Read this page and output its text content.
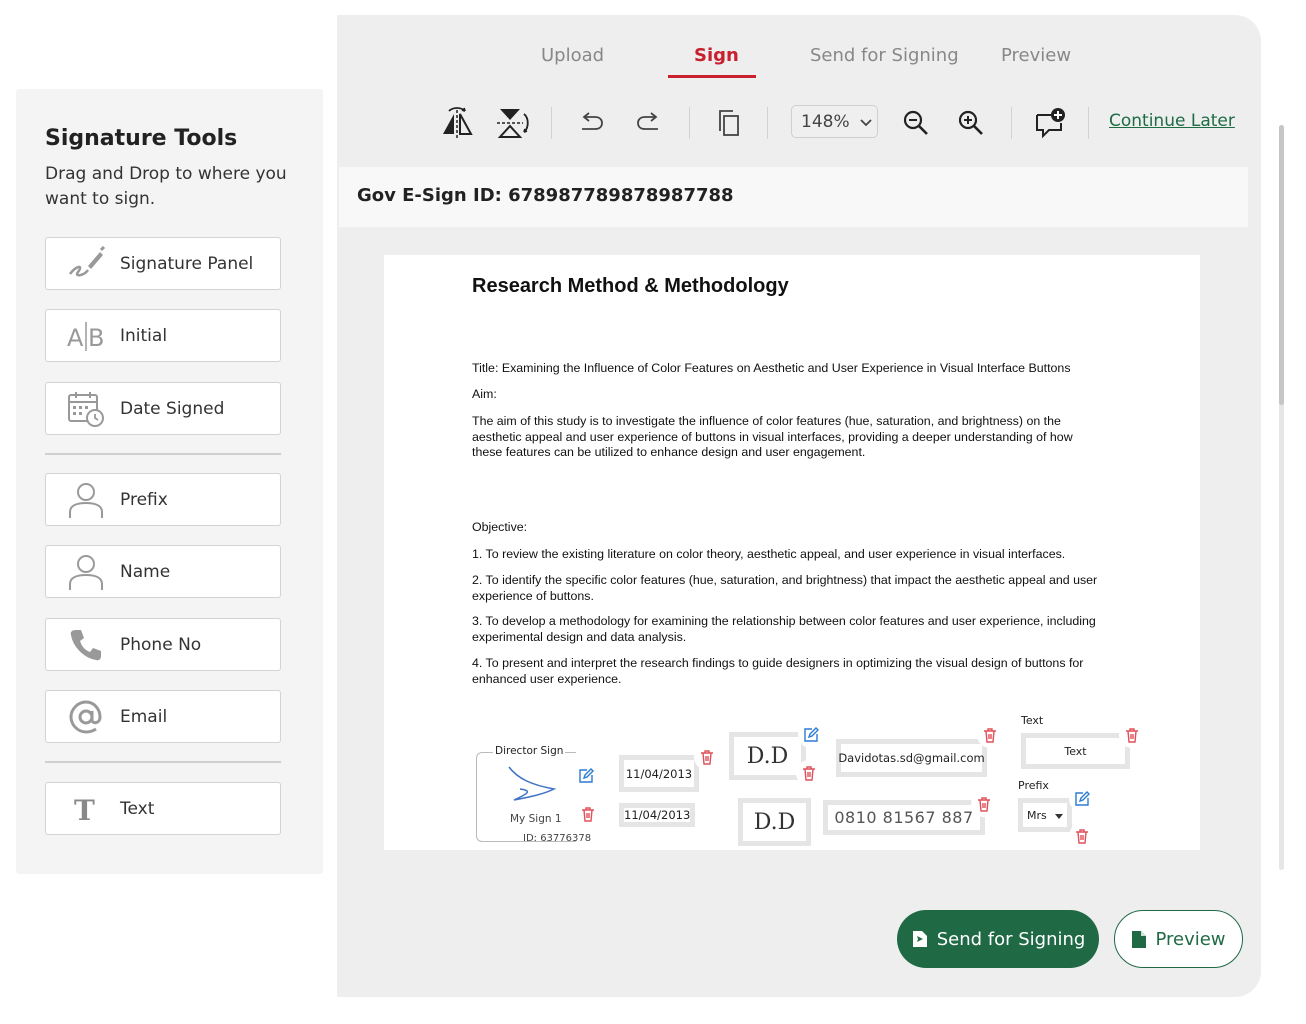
Signature Tools
Drag and Drop to where you want to sign.
Signature Panel
A B Initial
Date Signed
Prefix
Name
Phone No
Email
T Text
Upload	Sign	Send for Signing Preview
148%	Continue Later
Gov E-Sign ID: 678987789878987788
Research Method & Methodology
Title: Examining the Influence of Color Features on Aesthetic and User Experience in Visual Interface Buttons
Aim:
The aim of this study is to investigate the influence of color features (hue, saturation, and brightness) on the aesthetic appeal and user experience of buttons in visual interfaces, providing a deeper understanding of how these features can be utilized to enhance design and user engagement.
Objective:
1. To review the existing literature on color theory, aesthetic appeal, and user experience in visual interfaces.
2. To identify the specific color features (hue, saturation, and brightness) that impact the aesthetic appeal and user experience of buttons.
3. To develop a methodology for examining the relationship between color features and user experience, including experimental design and data analysis.
4. To present and interpret the research findings to guide designers in optimizing the visual design of buttons for enhanced user experience.
Director Sign
My Sign 1
ID: 63776378
11/04/2013
11/04/2013
D.D
D.D
Davidotas.sd@gmail.com
0810 81567 887
Text
Text
Prefix
Mrs
Send for Signing	Preview
